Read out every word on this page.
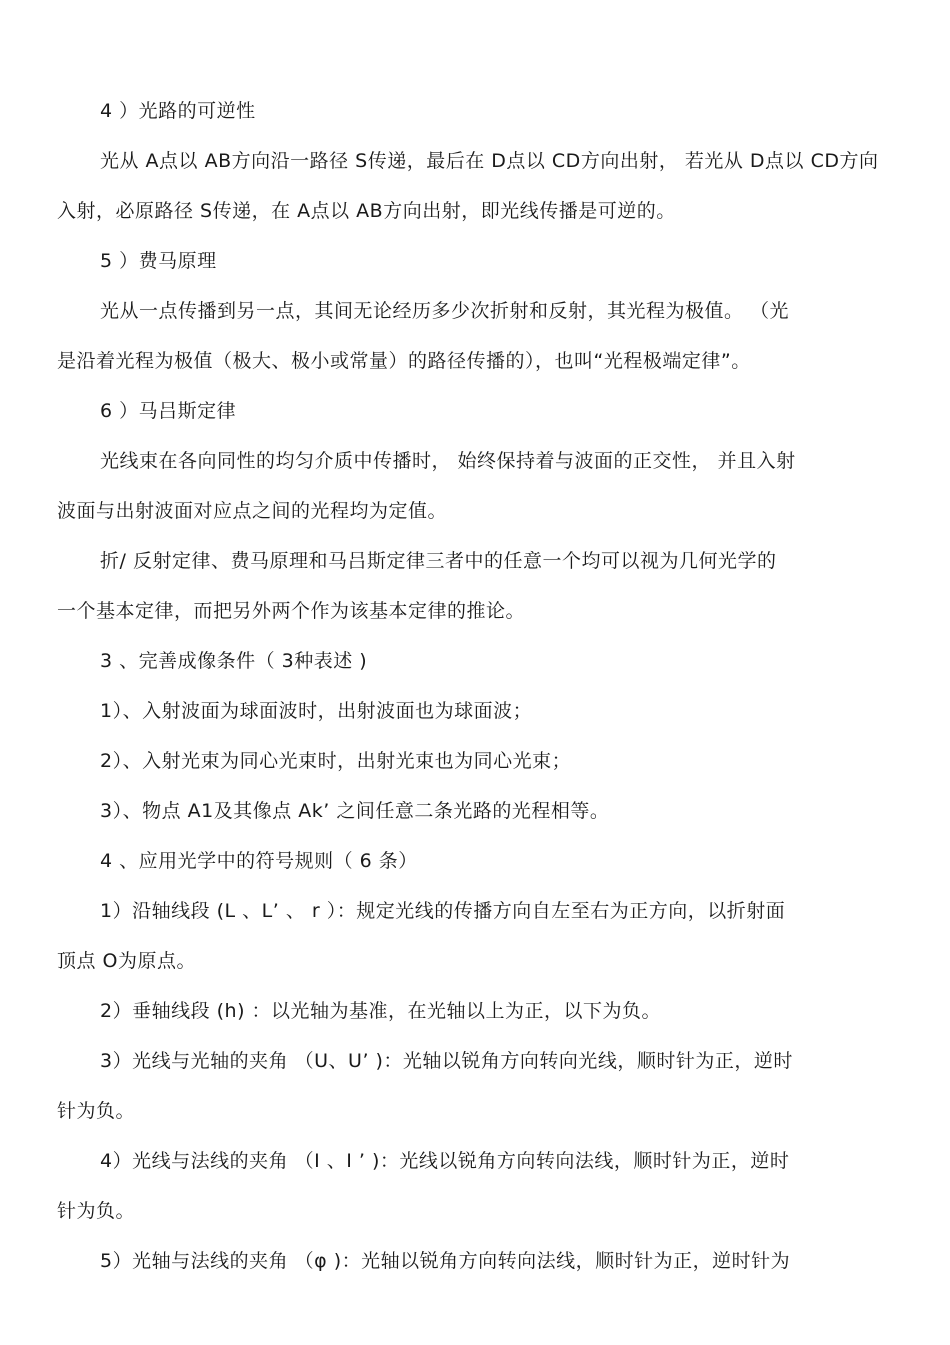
4 ）光路的可逆性
光从 A点以 AB方向沿一路径 S传递，最后在 D点以 CD方向出射， 若光从 D点以 CD方向
入射，必原路径 S传递，在 A点以 AB方向出射，即光线传播是可逆的。
5 ）费马原理
光从一点传播到另一点，其间无论经历多少次折射和反射，其光程为极值。 （光
是沿着光程为极值（极大、极小或常量）的路径传播的），也叫“光程极端定律”。
6 ）马吕斯定律
光线束在各向同性的均匀介质中传播时， 始终保持着与波面的正交性， 并且入射
波面与出射波面对应点之间的光程均为定值。
折/ 反射定律、费马原理和马吕斯定律三者中的任意一个均可以视为几何光学的
一个基本定律，而把另外两个作为该基本定律的推论。
3 、完善成像条件（ 3种表述 )
1）、入射波面为球面波时，出射波面也为球面波；
2）、入射光束为同心光束时，出射光束也为同心光束；
3）、物点 A1及其像点 Ak’ 之间任意二条光路的光程相等。
4 、应用光学中的符号规则（ 6 条）
1）沿轴线段 (L 、L’ 、 r ）：规定光线的传播方向自左至右为正方向，以折射面
顶点 O为原点。
2）垂轴线段 (h) ：以光轴为基准，在光轴以上为正，以下为负。
3）光线与光轴的夹角 （U、U’ )：光轴以锐角方向转向光线，顺时针为正，逆时
针为负。
4）光线与法线的夹角 （I 、I ’ )：光线以锐角方向转向法线，顺时针为正，逆时
针为负。
5）光轴与法线的夹角 （φ )：光轴以锐角方向转向法线，顺时针为正，逆时针为
